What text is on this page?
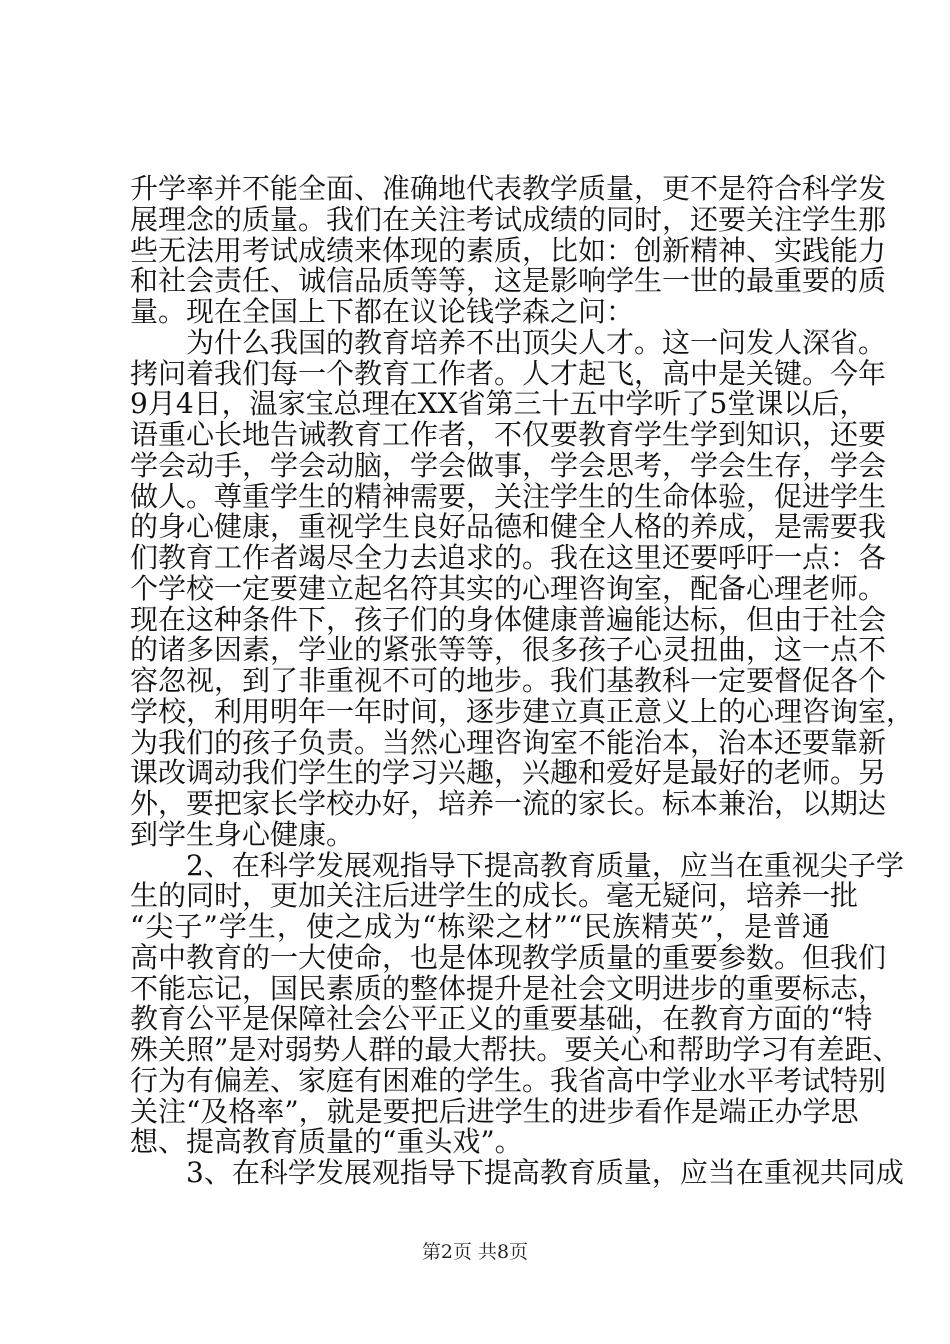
升学率并不能全面、准确地代表教学质量，更不是符合科学发
展理念的质量。我们在关注考试成绩的同时，还要关注学生那
些无法用考试成绩来体现的素质，比如：创新精神、实践能力
和社会责任、诚信品质等等，这是影响学生一世的最重要的质
量。现在全国上下都在议论钱学森之问：
为什么我国的教育培养不出顶尖人才。这一问发人深省。
拷问着我们每一个教育工作者。人才起飞，高中是关键。今年
9月4日，温家宝总理在XX省第三十五中学听了5堂课以后，
语重心长地告诫教育工作者，不仅要教育学生学到知识，还要
学会动手，学会动脑，学会做事，学会思考，学会生存，学会
做人。尊重学生的精神需要，关注学生的生命体验，促进学生
的身心健康，重视学生良好品德和健全人格的养成，是需要我
们教育工作者竭尽全力去追求的。我在这里还要呼吁一点：各
个学校一定要建立起名符其实的心理咨询室，配备心理老师。
现在这种条件下，孩子们的身体健康普遍能达标，但由于社会
的诸多因素，学业的紧张等等，很多孩子心灵扭曲，这一点不
容忽视，到了非重视不可的地步。我们基教科一定要督促各个
学校，利用明年一年时间，逐步建立真正意义上的心理咨询室，
为我们的孩子负责。当然心理咨询室不能治本，治本还要靠新
课改调动我们学生的学习兴趣，兴趣和爱好是最好的老师。另
外，要把家长学校办好，培养一流的家长。标本兼治，以期达
到学生身心健康。
2、在科学发展观指导下提高教育质量，应当在重视尖子学
生的同时，更加关注后进学生的成长。毫无疑问，培养一批
“尖子”学生，使之成为“栋梁之材”“民族精英”，是普通
高中教育的一大使命，也是体现教学质量的重要参数。但我们
不能忘记，国民素质的整体提升是社会文明进步的重要标志，
教育公平是保障社会公平正义的重要基础，在教育方面的“特
第2页 共8页
殊关照”是对弱势人群的最大帮扶。要关心和帮助学习有差距、
行为有偏差、家庭有困难的学生。我省高中学业水平考试特别
关注“及格率”，就是要把后进学生的进步看作是端正办学思
想、提高教育质量的“重头戏”。
3、在科学发展观指导下提高教育质量，应当在重视共同成
